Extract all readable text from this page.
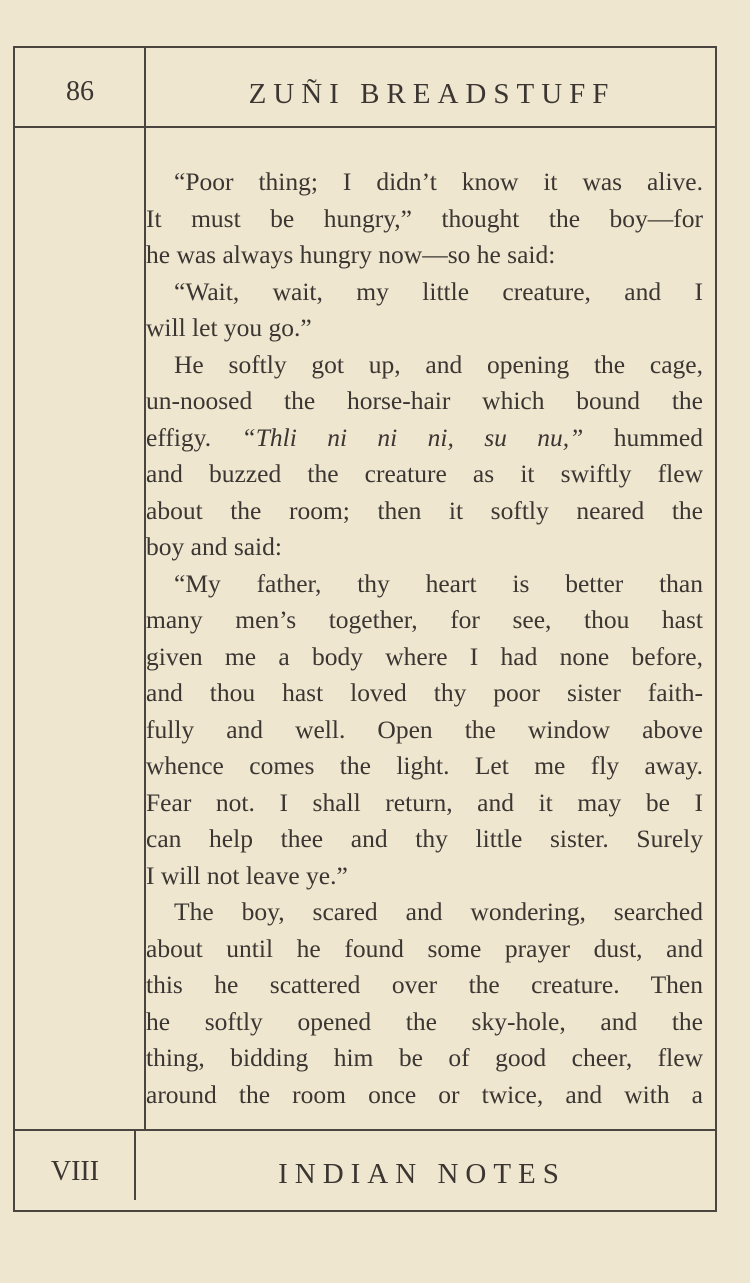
86	ZUÑI BREADSTUFF
“Poor thing; I didn’t know it was alive.
It must be hungry,” thought the boy—for
he was always hungry now—so he said:
“Wait, wait, my little creature, and I
will let you go.”
He softly got up, and opening the cage,
un-noosed the horse-hair which bound the
effigy. “Thli ni ni ni, su nu,” hummed
and buzzed the creature as it swiftly flew
about the room; then it softly neared the
boy and said:
“My father, thy heart is better than
many men’s together, for see, thou hast
given me a body where I had none before,
and thou hast loved thy poor sister faith-
fully and well. Open the window above
whence comes the light. Let me fly away.
Fear not. I shall return, and it may be I
can help thee and thy little sister. Surely
I will not leave ye.”
The boy, scared and wondering, searched
about until he found some prayer dust, and
this he scattered over the creature. Then
he softly opened the sky-hole, and the
thing, bidding him be of good cheer, flew
around the room once or twice, and with a
VIII	INDIAN NOTES
